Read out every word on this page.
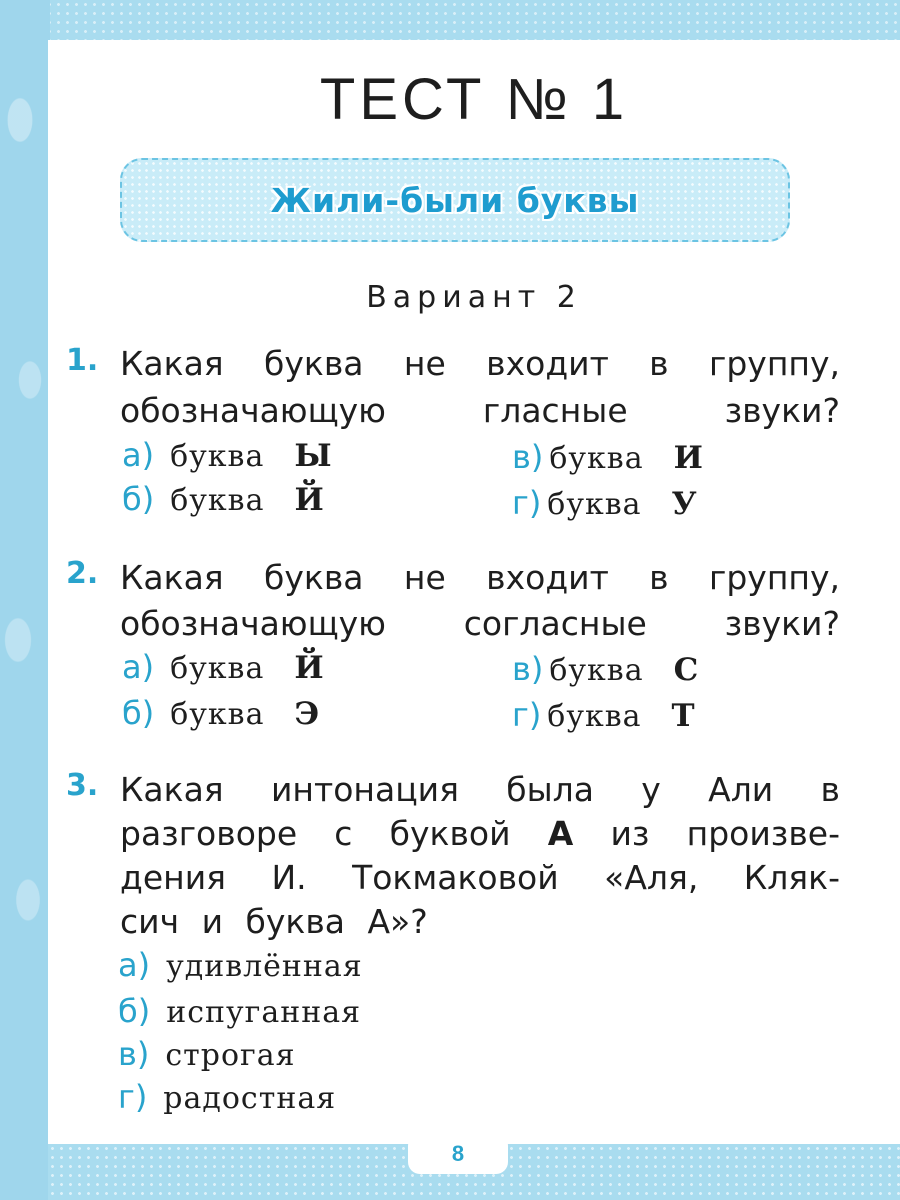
8
ТЕСТ № 1
Жили-были буквы
Вариант 2
1. Какая буква не входит в группу,
обозначающую гласные звуки?
а) буква Ы
б) буква Й
в) буква И
г) буква У
2. Какая буква не входит в группу,
обозначающую согласные звуки?
а) буква Й
б) буква Э
в) буква С
г) буква Т
3. Какая интонация была у Али в
разговоре с буквой А из произве-
дения И. Токмаковой «Аля, Кляк-
сич и буква А»?
а) удивлённая
б) испуганная
в) строгая
г) радостная
